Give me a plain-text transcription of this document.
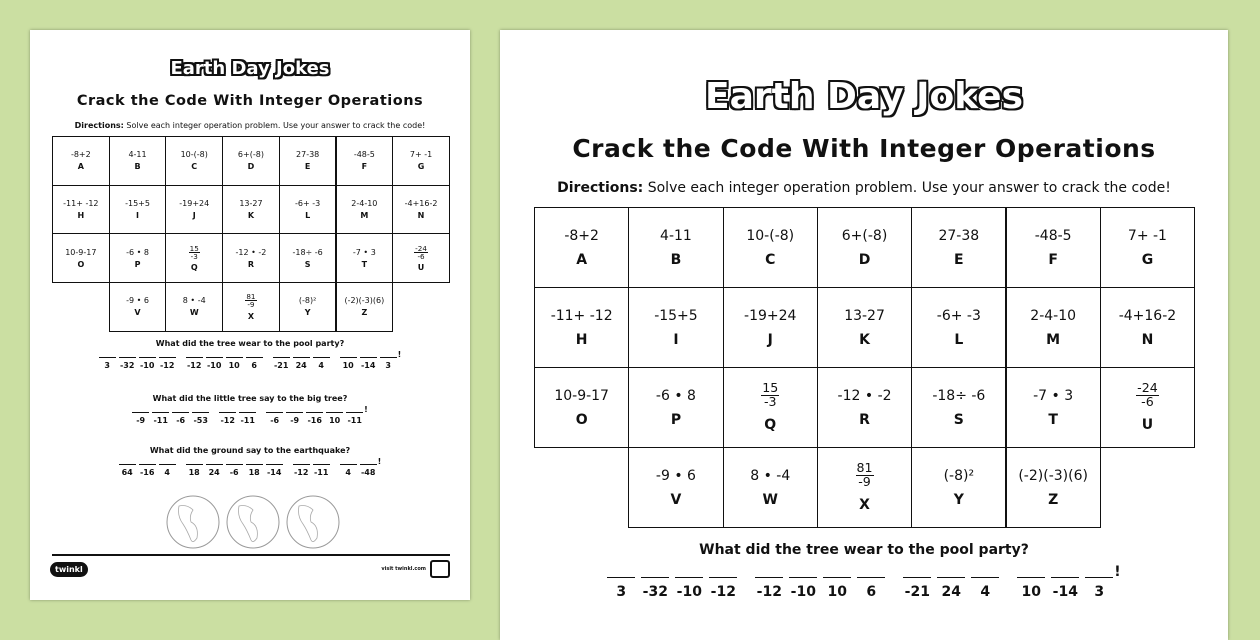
Earth Day Jokes
Crack the Code With Integer Operations
Directions: Solve each integer operation problem. Use your answer to crack the code!
-8+2
A
4-11
B
10-(-8)
C
6+(-8)
D
27-38
E
-48-5
F
7+ -1
G
-11+ -12
H
-15+5
I
-19+24
J
13-27
K
-6+ -3
L
2-4-10
M
-4+16-2
N
10-9-17
O
-6 • 8
P
$\frac{15}{-3}$
Q
-12 • -2
R
-18÷ -6
S
-7 • 3
T
$\frac{-24}{-6}$
U
-9 • 6
V
8 • -4
W
$\frac{81}{-9}$
X
(-8)²
Y
(-2)(-3)(6)
Z
What did the tree wear to the pool party?
3 -32 -10 -12 -12 -10 10 6 -21 24 4 10 -14 3
!
What did the little tree say to the big tree?
-9 -11 -6 -53 -12 -11 -6 -9 -16 10 -11
!
What did the ground say to the earthquake?
64 -16 4 18 24 -6 18 -14 -12 -11 4 -48
!
twinkl	visit twinkl.com
Earth Day Jokes
Crack the Code With Integer Operations
Directions: Solve each integer operation problem. Use your answer to crack the code!
-8+2
A
4-11
B
10-(-8)
C
6+(-8)
D
27-38
E
-48-5
F
7+ -1
G
-11+ -12
H
-15+5
I
-19+24
J
13-27
K
-6+ -3
L
2-4-10
M
-4+16-2
N
10-9-17
O
-6 • 8
P
$\frac{15}{-3}$
Q
-12 • -2
R
-18÷ -6
S
-7 • 3
T
$\frac{-24}{-6}$
U
-9 • 6
V
8 • -4
W
$\frac{81}{-9}$
X
(-8)²
Y
(-2)(-3)(6)
Z
What did the tree wear to the pool party?
3 -32 -10 -12 -12 -10 10 6 -21 24 4 10 -14 3
!
